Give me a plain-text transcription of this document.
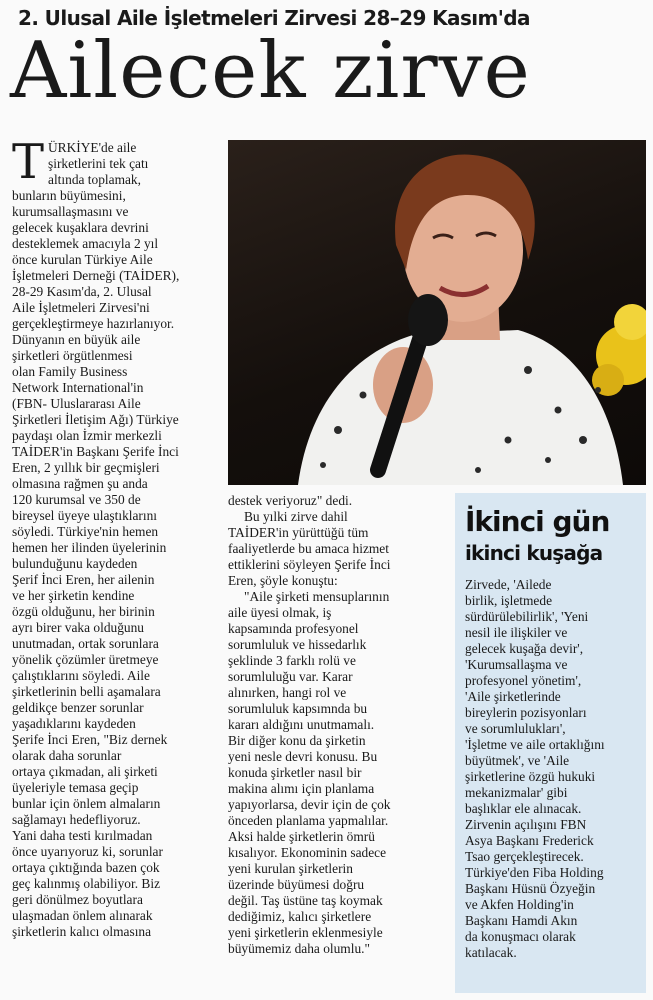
2. Ulusal Aile İşletmeleri Zirvesi 28–29 Kasım'da
Ailecek zirve
T ÜRKİYE'de aile
şirketlerini tek çatı
altında toplamak,
bunların büyümesini,
kurumsallaşmasını ve
gelecek kuşaklara devrini
desteklemek amacıyla 2 yıl
önce kurulan Türkiye Aile
İşletmeleri Derneği (TAİDER),
28-29 Kasım'da, 2. Ulusal
Aile İşletmeleri Zirvesi'ni
gerçekleştirmeye hazırlanıyor.
Dünyanın en büyük aile
şirketleri örgütlenmesi
olan Family Business
Network International'in
(FBN- Uluslararası Aile
Şirketleri İletişim Ağı) Türkiye
paydaşı olan İzmir merkezli
TAİDER'in Başkanı Şerife İnci
Eren, 2 yıllık bir geçmişleri
olmasına rağmen şu anda
120 kurumsal ve 350 de
bireysel üyeye ulaştıklarını
söyledi. Türkiye'nin hemen
hemen her ilinden üyelerinin
bulunduğunu kaydeden
Şerif İnci Eren, her ailenin
ve her şirketin kendine
özgü olduğunu, her birinin
ayrı birer vaka olduğunu
unutmadan, ortak sorunlara
yönelik çözümler üretmeye
çalıştıklarını söyledi. Aile
şirketlerinin belli aşamalara
geldikçe benzer sorunlar
yaşadıklarını kaydeden
Şerife İnci Eren, "Biz dernek
olarak daha sorunlar
ortaya çıkmadan, ali şirketi
üyeleriyle temasa geçip
bunlar için önlem almaların
sağlamayı hedefliyoruz.
Yani daha testi kırılmadan
önce uyarıyoruz ki, sorunlar
ortaya çıktığında bazen çok
geç kalınmış olabiliyor. Biz
geri dönülmez boyutlara
ulaşmadan önlem alınarak
şirketlerin kalıcı olmasına
destek veriyoruz" dedi.
Bu yılki zirve dahil
TAİDER'in yürüttüğü tüm
faaliyetlerde bu amaca hizmet
ettiklerini söyleyen Şerife İnci
Eren, şöyle konuştu:
"Aile şirketi mensuplarının
aile üyesi olmak, iş
kapsamında profesyonel
sorumluluk ve hissedarlık
şeklinde 3 farklı rolü ve
sorumluluğu var. Karar
alınırken, hangi rol ve
sorumluluk kapsımnda bu
kararı aldığını unutmamalı.
Bir diğer konu da şirketin
yeni nesle devri konusu. Bu
konuda şirketler nasıl bir
makina alımı için planlama
yapıyorlarsa, devir için de çok
önceden planlama yapmalılar.
Aksi halde şirketlerin ömrü
kısalıyor. Ekonominin sadece
yeni kurulan şirketlerin
üzerinde büyümesi doğru
değil. Taş üstüne taş koymak
dediğimiz, kalıcı şirketlere
yeni şirketlerin eklenmesiyle
büyümemiz daha olumlu."
İkinci gün
ikinci kuşağa
Zirvede, 'Ailede
birlik, işletmede
sürdürülebilirlik', 'Yeni
nesil ile ilişkiler ve
gelecek kuşağa devir',
'Kurumsallaşma ve
profesyonel yönetim',
'Aile şirketlerinde
bireylerin pozisyonları
ve sorumlulukları',
'İşletme ve aile ortaklığını
büyütmek', ve 'Aile
şirketlerine özgü hukuki
mekanizmalar' gibi
başlıklar ele alınacak.
Zirvenin açılışını FBN
Asya Başkanı Frederick
Tsao gerçekleştirecek.
Türkiye'den Fiba Holding
Başkanı Hüsnü Özyeğin
ve Akfen Holding'in
Başkanı Hamdi Akın
da konuşmacı olarak
katılacak.
